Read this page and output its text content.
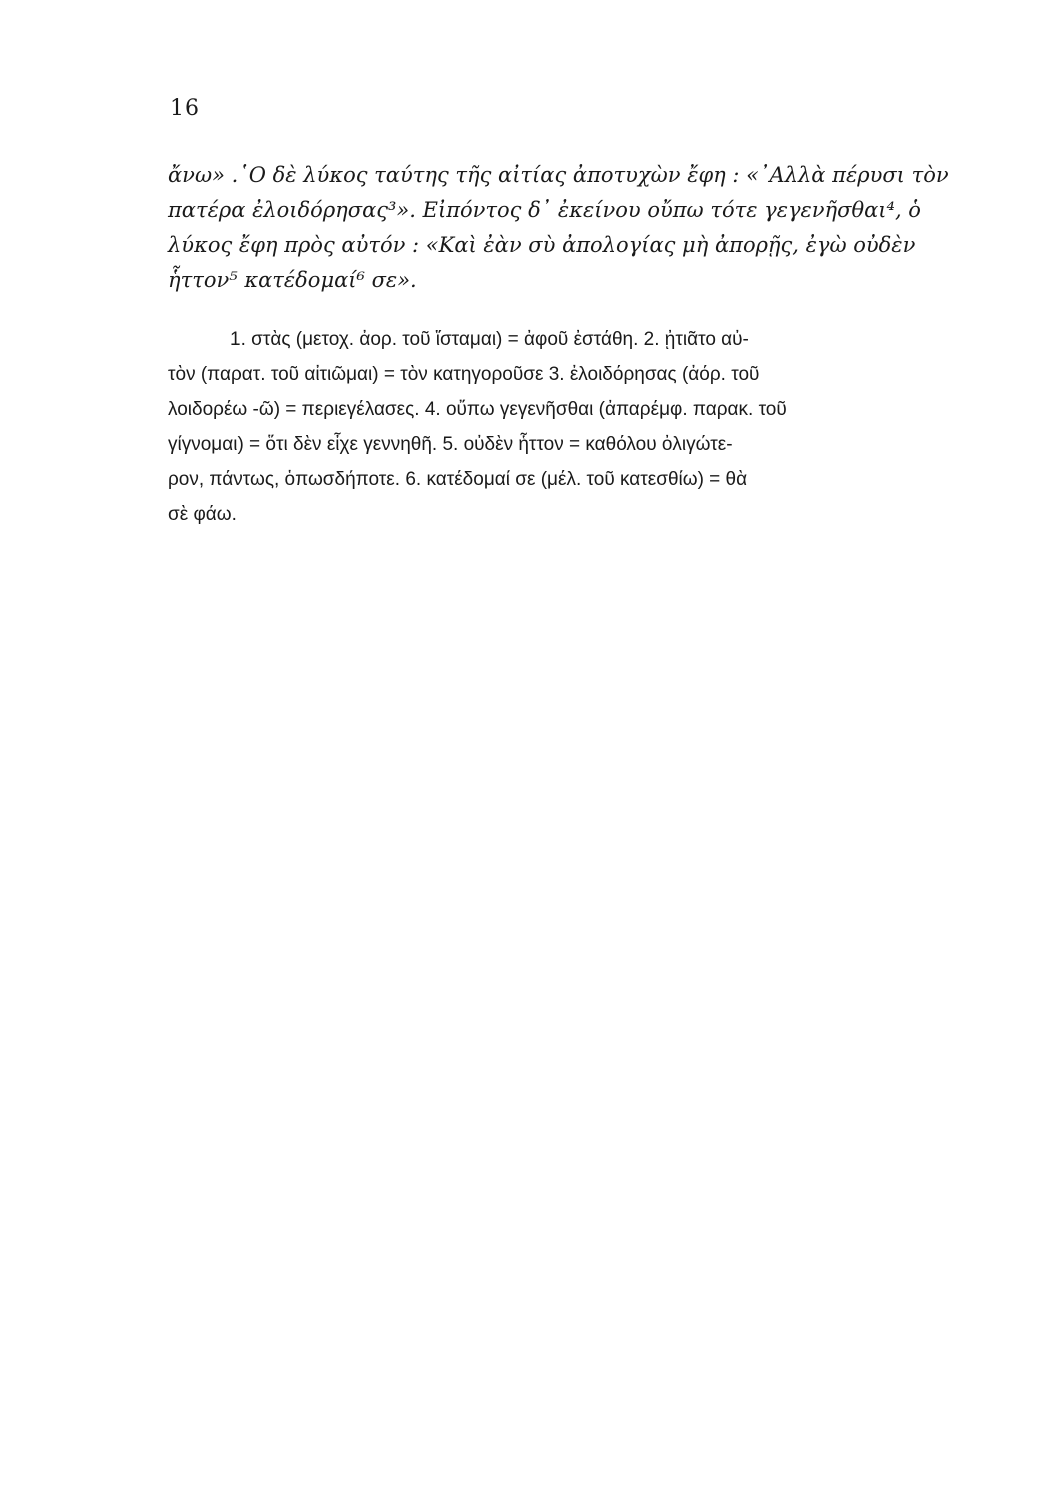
16
ἄνω» .῾Ο δὲ λύκος ταύτης τῆς αἰτίας ἀποτυχὼν ἔφη : «᾿Αλλὰ πέρυσι τὸν
πατέρα ἐλοιδόρησας³». Εἰπόντος δ᾿ ἐκείνου οὔπω τότε γεγενῆσθαι⁴, ὁ
λύκος ἔφη πρὸς αὐτόν : «Καὶ ἐὰν σὺ ἀπολογίας μὴ ἀπορῇς, ἐγὼ οὐδὲν
ἧττον⁵ κατέδομαί⁶ σε».
1. στὰς (μετοχ. ἀορ. τοῦ ἵσταμαι) = ἀφοῦ ἐστάθη. 2. ᾐτιᾶτο αὐ-
τὸν (παρατ. τοῦ αἰτιῶμαι) = τὸν κατηγοροῦσε 3. ἐλοιδόρησας (ἀόρ. τοῦ
λοιδορέω -ῶ) = περιεγέλασες. 4. οὔπω γεγενῆσθαι (ἀπαρέμφ. παρακ. τοῦ
γίγνομαι) = ὅτι δὲν εἶχε γεννηθῆ. 5. οὐδὲν ἧττον = καθόλου ὀλιγώτε-
ρον, πάντως, ὁπωσδήποτε. 6. κατέδομαί σε (μέλ. τοῦ κατεσθίω) = θὰ
σὲ φάω.
